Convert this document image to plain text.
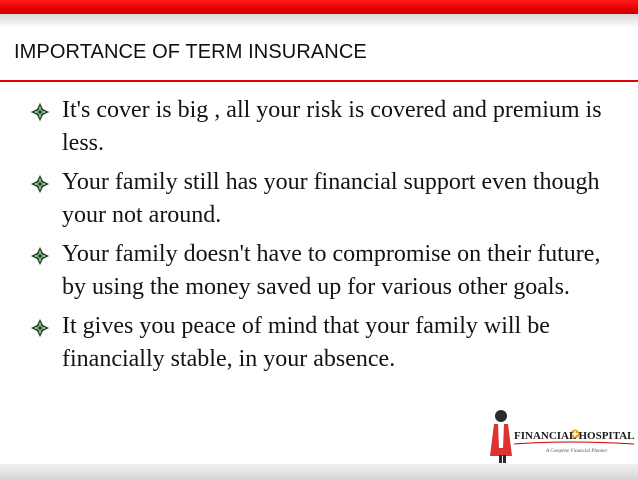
IMPORTANCE OF TERM INSURANCE
It's cover is big , all your risk is covered and premium is less.
Your family still has your financial support even though your not around.
Your family doesn't have to compromise on their future, by using the money saved up for various other goals.
It gives you peace of mind that your family will be financially stable, in your absence.
FINANCIAL HOSPITAL
A Complete Financial Planner
